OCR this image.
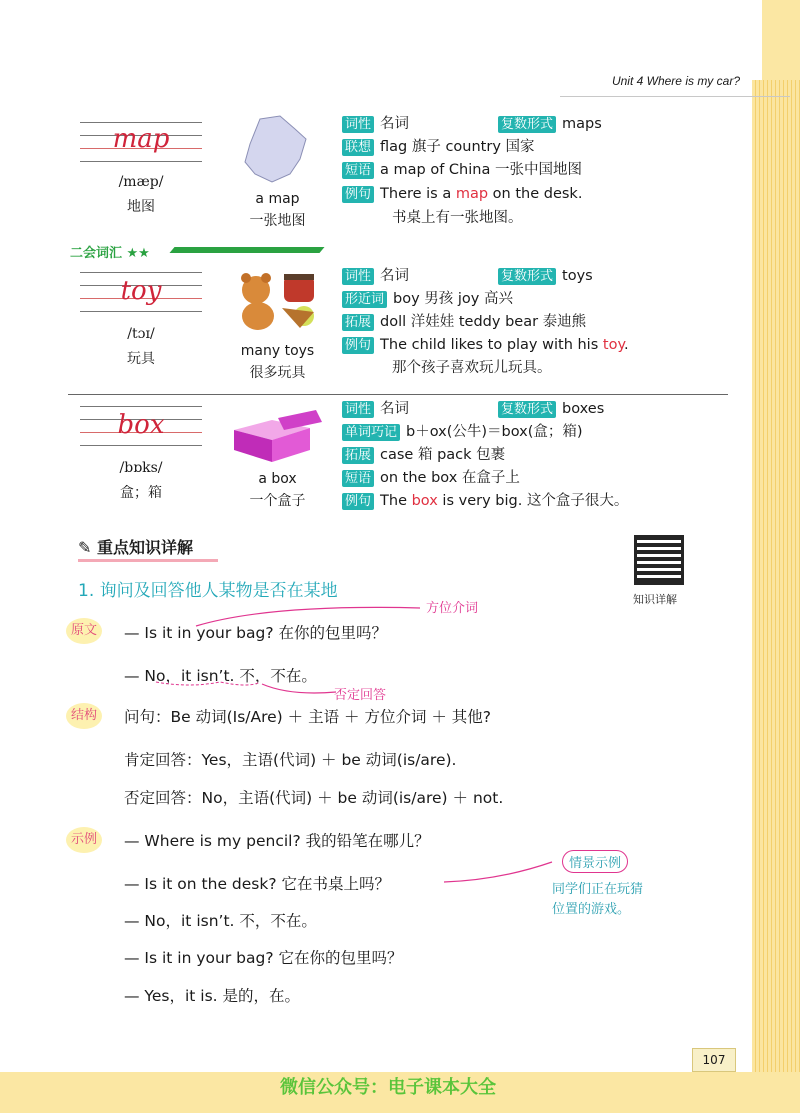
Unit 4 Where is my car?
map
/mæp/
地图	a map
一张地图
词性 名词	复数形式 maps
联想 flag 旗子 country 国家
短语 a map of China 一张中国地图
例句 There is a map on the desk.
书桌上有一张地图。
二会词汇 ★★
toy
/tɔɪ/
玩具	many toys
很多玩具
词性 名词	复数形式 toys
形近词 boy 男孩 joy 高兴
拓展 doll 洋娃娃 teddy bear 泰迪熊
例句 The child likes to play with his toy.
那个孩子喜欢玩儿玩具。
box
/bɒks/
盒；箱
a box
一个盒子
词性 名词	复数形式 boxes
单词巧记 b＋ox(公牛)＝box(盒；箱)
拓展 case 箱 pack 包裹
短语 on the box 在盒子上
例句 The box is very big. 这个盒子很大。
✎ 重点知识详解
知识详解
1. 询问及回答他人某物是否在某地
原文	— Is it in your bag? 在你的包里吗？
方位介词
— No，it isn’t. 不，不在。
否定回答
结构	问句：Be 动词(Is/Are) ＋ 主语 ＋ 方位介词 ＋ 其他?
肯定回答：Yes，主语(代词) ＋ be 动词(is/are).
否定回答：No，主语(代词) ＋ be 动词(is/are) ＋ not.
示例	— Where is my pencil? 我的铅笔在哪儿？
— Is it on the desk? 它在书桌上吗？
— No，it isn’t. 不，不在。
— Is it in your bag? 它在你的包里吗？
— Yes，it is. 是的，在。
情景示例
同学们正在玩猜
位置的游戏。
107
微信公众号：电子课本大全
